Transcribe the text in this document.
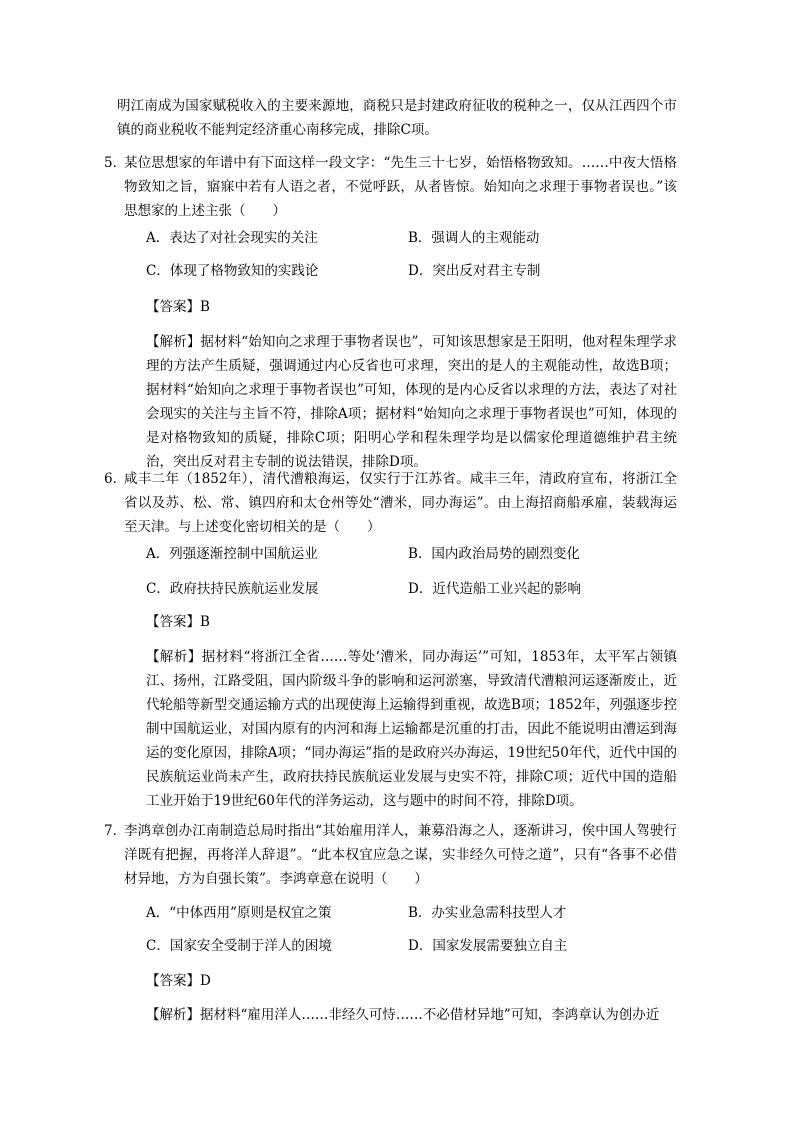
明江南成为国家赋税收入的主要来源地，商税只是封建政府征收的税种之一，仅从江西四个市镇的商业税收不能判定经济重心南移完成，排除C项。

5．
某位思想家的年谱中有下面这样一段文字：“先生三十七岁，始悟格物致知。……中夜大悟格物致知之旨，寤寐中若有人语之者，不觉呼跃，从者皆惊。始知向之求理于事物者误也。”该思想家的上述主张（　　）
A．表达了对社会现实的关注	B．强调人的主观能动
C．体现了格物致知的实践论	D．突出反对君主专制
【答案】B

【解析】据材料“始知向之求理于事物者误也”，可知该思想家是王阳明，他对程朱理学求理的方法产生质疑，强调通过内心反省也可求理，突出的是人的主观能动性，故选B项；据材料“始知向之求理于事物者误也”可知，体现的是内心反省以求理的方法，表达了对社会现实的关注与主旨不符，排除A项；据材料“始知向之求理于事物者误也”可知，体现的是对格物致知的质疑，排除C项；阳明心学和程朱理学均是以儒家伦理道德维护君主统治，突出反对君主专制的说法错误，排除D项。

6．
咸丰二年（1852年），清代漕粮海运，仅实行于江苏省。咸丰三年，清政府宣布，将浙江全省以及苏、松、常、镇四府和太仓州等处“漕米，同办海运”。由上海招商船承雇，装载海运至天津。与上述变化密切相关的是（　　）
A．列强逐渐控制中国航运业	B．国内政治局势的剧烈变化
C．政府扶持民族航运业发展	D．近代造船工业兴起的影响
【答案】B

【解析】据材料“将浙江全省……等处‘漕米，同办海运’”可知，1853年，太平军占领镇江、扬州，江路受阻，国内阶级斗争的影响和运河淤塞，导致清代漕粮河运逐渐废止，近代轮船等新型交通运输方式的出现使海上运输得到重视，故选B项；1852年，列强逐步控制中国航运业，对国内原有的内河和海上运输都是沉重的打击，因此不能说明由漕运到海运的变化原因，排除A项；“同办海运”指的是政府兴办海运，19世纪50年代，近代中国的民族航运业尚未产生，政府扶持民族航运业发展与史实不符，排除C项；近代中国的造船工业开始于19世纪60年代的洋务运动，这与题中的时间不符，排除D项。

7．
李鸿章创办江南制造总局时指出“其始雇用洋人，兼募沿海之人，逐渐讲习，俟中国人驾驶行洋既有把握，再将洋人辞退”。“此本权宜应急之谋，实非经久可恃之道”，只有“各事不必借材异地，方为自强长策”。李鸿章意在说明（　　）
A．“中体西用”原则是权宜之策	B．办实业急需科技型人才
C．国家安全受制于洋人的困境	D．国家发展需要独立自主
【答案】D

【解析】据材料“雇用洋人……非经久可恃……不必借材异地”可知，李鸿章认为创办近
